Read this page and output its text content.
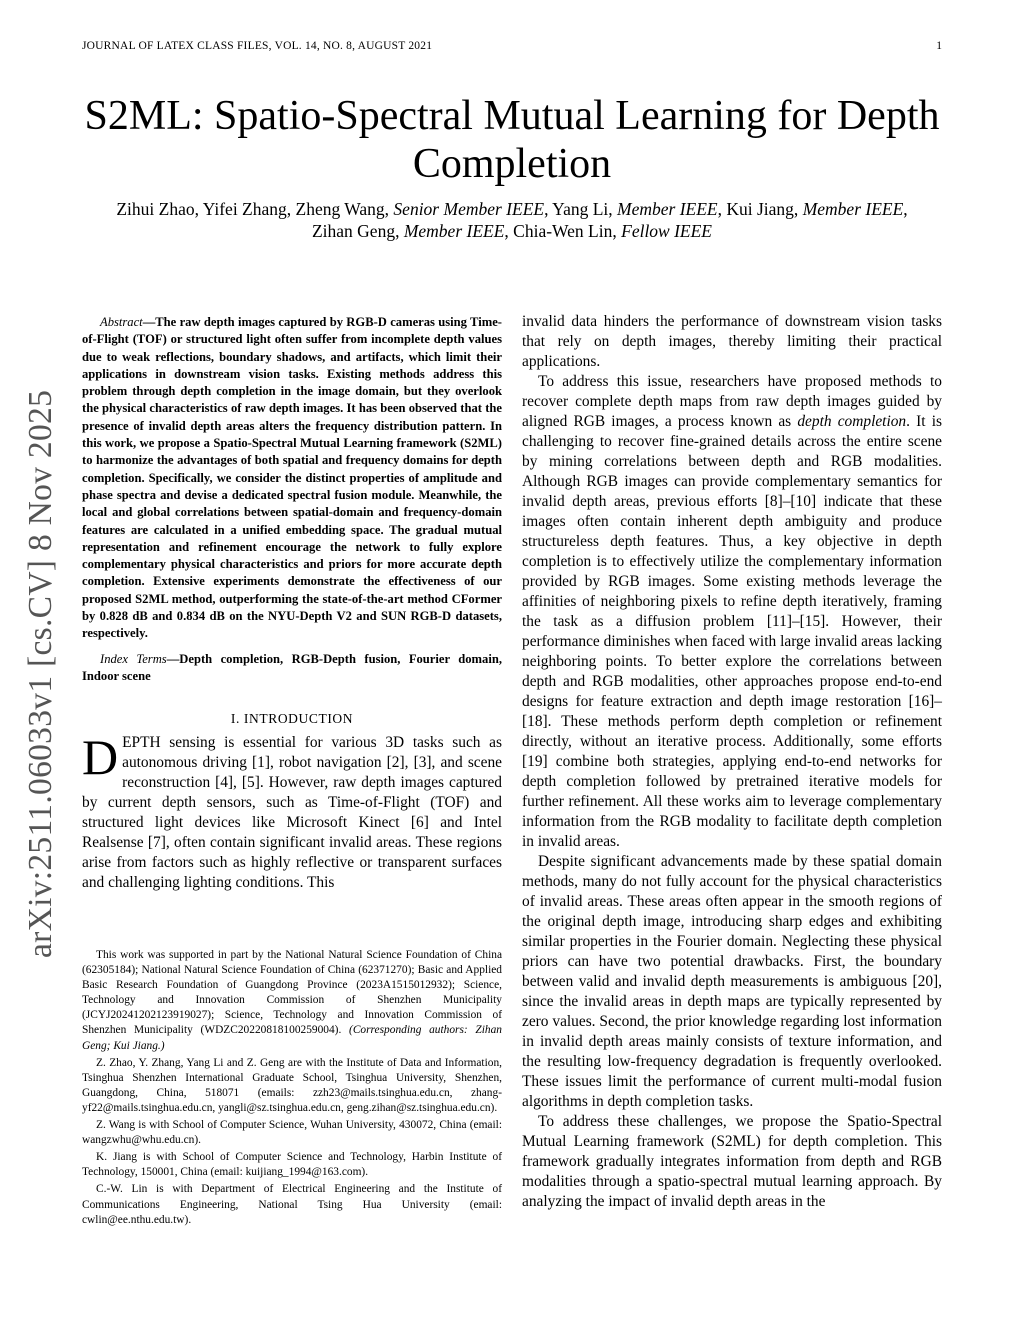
JOURNAL OF LATEX CLASS FILES, VOL. 14, NO. 8, AUGUST 2021	1
arXiv:2511.06033v1 [cs.CV] 8 Nov 2025
S2ML: Spatio-Spectral Mutual Learning for Depth Completion
Zihui Zhao, Yifei Zhang, Zheng Wang, Senior Member IEEE, Yang Li, Member IEEE, Kui Jiang, Member IEEE,
Zihan Geng, Member IEEE, Chia-Wen Lin, Fellow IEEE

Abstract—The raw depth images captured by RGB-D cameras using Time-of-Flight (TOF) or structured light often suffer from incomplete depth values due to weak reflections, boundary shadows, and artifacts, which limit their applications in downstream vision tasks. Existing methods address this problem through depth completion in the image domain, but they overlook the physical characteristics of raw depth images. It has been observed that the presence of invalid depth areas alters the frequency distribution pattern. In this work, we propose a Spatio-Spectral Mutual Learning framework (S2ML) to harmonize the advantages of both spatial and frequency domains for depth completion. Specifically, we consider the distinct properties of amplitude and phase spectra and devise a dedicated spectral fusion module. Meanwhile, the local and global correlations between spatial-domain and frequency-domain features are calculated in a unified embedding space. The gradual mutual representation and refinement encourage the network to fully explore complementary physical characteristics and priors for more accurate depth completion. Extensive experiments demonstrate the effectiveness of our proposed S2ML method, outperforming the state-of-the-art method CFormer by 0.828 dB and 0.834 dB on the NYU-Depth V2 and SUN RGB-D datasets, respectively.

Index Terms—Depth completion, RGB-Depth fusion, Fourier domain, Indoor scene

I. INTRODUCTION

DEPTH sensing is essential for various 3D tasks such as autonomous driving [1], robot navigation [2], [3], and scene reconstruction [4], [5]. However, raw depth images captured by current depth sensors, such as Time-of-Flight (TOF) and structured light devices like Microsoft Kinect [6] and Intel Realsense [7], often contain significant invalid areas. These regions arise from factors such as highly reflective or transparent surfaces and challenging lighting conditions. This

This work was supported in part by the National Natural Science Foundation of China (62305184); National Natural Science Foundation of China (62371270); Basic and Applied Basic Research Foundation of Guangdong Province (2023A1515012932); Science, Technology and Innovation Commission of Shenzhen Municipality (JCYJ20241202123919027); Science, Technology and Innovation Commission of Shenzhen Municipality (WDZC20220818100259004). (Corresponding authors: Zihan Geng; Kui Jiang.)

Z. Zhao, Y. Zhang, Yang Li and Z. Geng are with the Institute of Data and Information, Tsinghua Shenzhen International Graduate School, Tsinghua University, Shenzhen, Guangdong, China, 518071 (emails: zzh23@mails.tsinghua.edu.cn, zhang-yf22@mails.tsinghua.edu.cn, yangli@sz.tsinghua.edu.cn, geng.zihan@sz.tsinghua.edu.cn).

Z. Wang is with School of Computer Science, Wuhan University, 430072, China (email: wangzwhu@whu.edu.cn).

K. Jiang is with School of Computer Science and Technology, Harbin Institute of Technology, 150001, China (email: kuijiang_1994@163.com).

C.-W. Lin is with Department of Electrical Engineering and the Institute of Communications Engineering, National Tsing Hua University (email: cwlin@ee.nthu.edu.tw).

invalid data hinders the performance of downstream vision tasks that rely on depth images, thereby limiting their practical applications.

To address this issue, researchers have proposed methods to recover complete depth maps from raw depth images guided by aligned RGB images, a process known as depth completion. It is challenging to recover fine-grained details across the entire scene by mining correlations between depth and RGB modalities. Although RGB images can provide complementary semantics for invalid depth areas, previous efforts [8]–[10] indicate that these images often contain inherent depth ambiguity and produce structureless depth features. Thus, a key objective in depth completion is to effectively utilize the complementary information provided by RGB images. Some existing methods leverage the affinities of neighboring pixels to refine depth iteratively, framing the task as a diffusion problem [11]–[15]. However, their performance diminishes when faced with large invalid areas lacking neighboring points. To better explore the correlations between depth and RGB modalities, other approaches propose end-to-end designs for feature extraction and depth image restoration [16]–[18]. These methods perform depth completion or refinement directly, without an iterative process. Additionally, some efforts [19] combine both strategies, applying end-to-end networks for depth completion followed by pretrained iterative models for further refinement. All these works aim to leverage complementary information from the RGB modality to facilitate depth completion in invalid areas.

Despite significant advancements made by these spatial domain methods, many do not fully account for the physical characteristics of invalid areas. These areas often appear in the smooth regions of the original depth image, introducing sharp edges and exhibiting similar properties in the Fourier domain. Neglecting these physical priors can have two potential drawbacks. First, the boundary between valid and invalid depth measurements is ambiguous [20], since the invalid areas in depth maps are typically represented by zero values. Second, the prior knowledge regarding lost information in invalid depth areas mainly consists of texture information, and the resulting low-frequency degradation is frequently overlooked. These issues limit the performance of current multi-modal fusion algorithms in depth completion tasks.

To address these challenges, we propose the Spatio-Spectral Mutual Learning framework (S2ML) for depth completion. This framework gradually integrates information from depth and RGB modalities through a spatio-spectral mutual learning approach. By analyzing the impact of invalid depth areas in the
